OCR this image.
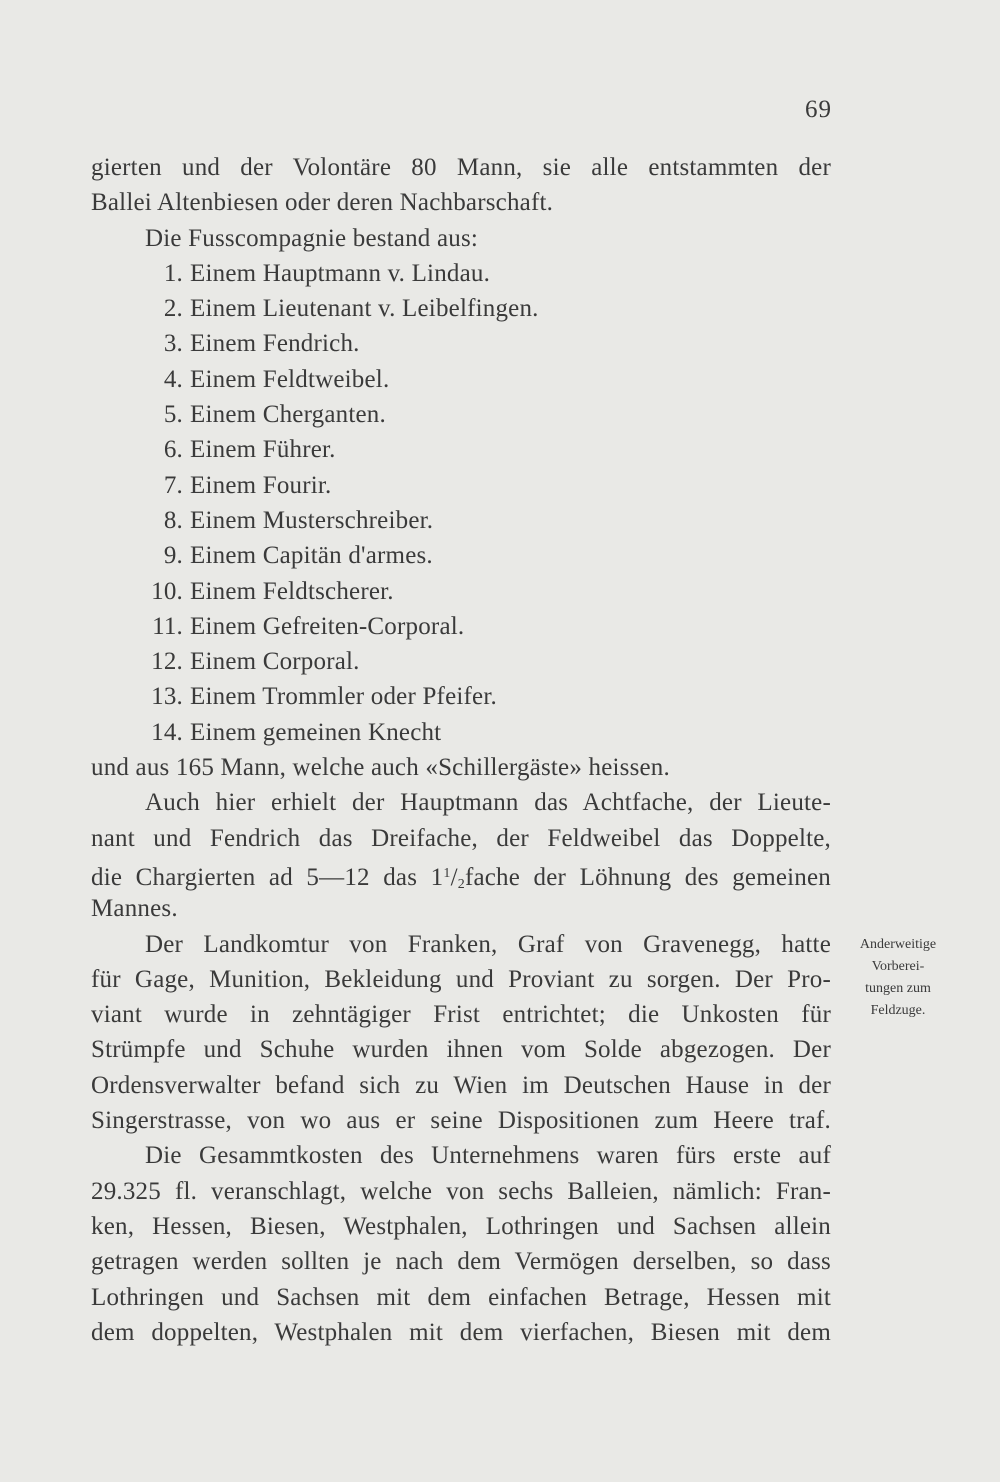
69
gierten und der Volontäre 80 Mann, sie alle entstammten der
Ballei Altenbiesen oder deren Nachbarschaft.
Die Fusscompagnie bestand aus:
1. Einem Hauptmann v. Lindau.
2. Einem Lieutenant v. Leibelfingen.
3. Einem Fendrich.
4. Einem Feldtweibel.
5. Einem Cherganten.
6. Einem Führer.
7. Einem Fourir.
8. Einem Musterschreiber.
9. Einem Capitän d'armes.
10. Einem Feldtscherer.
11. Einem Gefreiten-Corporal.
12. Einem Corporal.
13. Einem Trommler oder Pfeifer.
14. Einem gemeinen Knecht
und aus 165 Mann, welche auch «Schillergäste» heissen.
Auch hier erhielt der Hauptmann das Achtfache, der Lieute-
nant und Fendrich das Dreifache, der Feldweibel das Doppelte,
die Chargierten ad 5—12 das $1^1/_2fache$ der Löhnung des gemeinen
Mannes.
Der Landkomtur von Franken, Graf von Gravenegg, hatte
für Gage, Munition, Bekleidung und Proviant zu sorgen. Der Pro-
viant wurde in zehntägiger Frist entrichtet; die Unkosten für
Strümpfe und Schuhe wurden ihnen vom Solde abgezogen. Der
Ordensverwalter befand sich zu Wien im Deutschen Hause in der
Singerstrasse, von wo aus er seine Dispositionen zum Heere traf.
Die Gesammtkosten des Unternehmens waren fürs erste auf
29.325 fl. veranschlagt, welche von sechs Balleien, nämlich: Fran-
ken, Hessen, Biesen, Westphalen, Lothringen und Sachsen allein
getragen werden sollten je nach dem Vermögen derselben, so dass
Lothringen und Sachsen mit dem einfachen Betrage, Hessen mit
dem doppelten, Westphalen mit dem vierfachen, Biesen mit dem
Anderweitige
Vorberei-
tungen zum
Feldzuge.
